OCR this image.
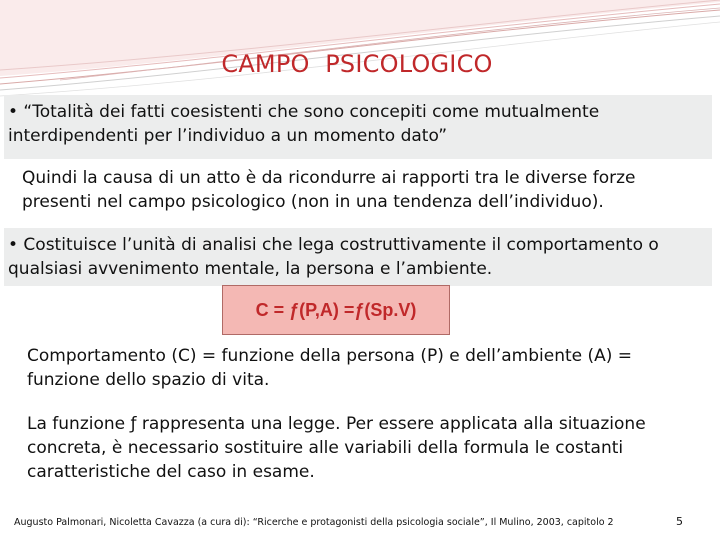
CAMPO  PSICOLOGICO
• “Totalità dei fatti coesistenti che sono concepiti come mutualmente interdipendenti per l’individuo a un momento dato”
Quindi la causa di un atto è da ricondurre ai rapporti tra le diverse forze presenti nel campo psicologico (non in una tendenza dell’individuo).
• Costituisce l’unità di analisi che lega costruttivamente il comportamento o qualsiasi avvenimento mentale, la persona e l’ambiente.
C = ƒ(P,A) =ƒ(Sp.V)
Comportamento (C) = funzione della persona (P) e dell’ambiente (A) = funzione dello spazio di vita.
La funzione ƒ rappresenta una legge. Per essere applicata alla situazione concreta, è necessario sostituire alle variabili della formula le costanti caratteristiche del caso in esame.
Augusto Palmonari, Nicoletta Cavazza (a cura di): “Ricerche e protagonisti della psicologia sociale”, Il Mulino, 2003, capitolo 2	5
